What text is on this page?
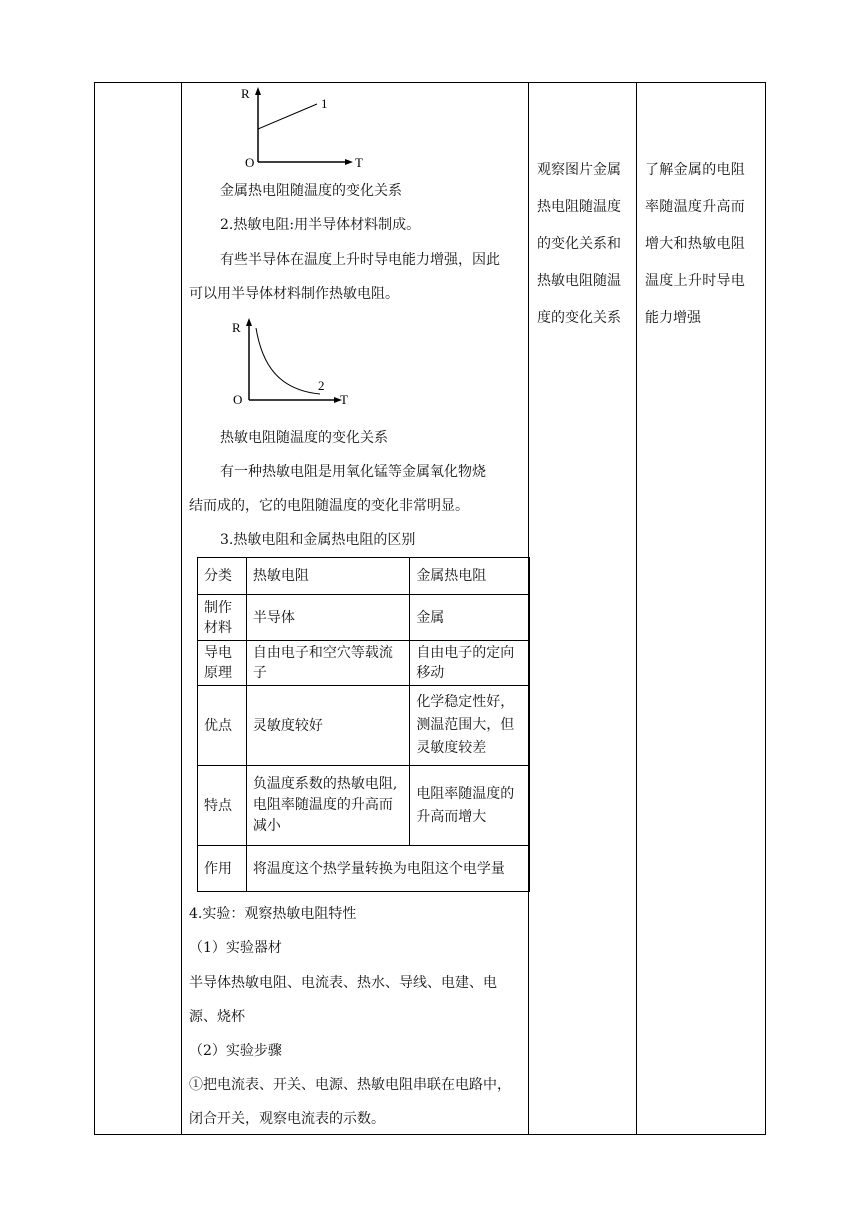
R
O	T
1
金属热电阻随温度的变化关系
2.热敏电阻:用半导体材料制成。
有些半导体在温度上升时导电能力增强，因此
可以用半导体材料制作热敏电阻。
R
O	T
2
热敏电阻随温度的变化关系
有一种热敏电阻是用氧化锰等金属氧化物烧
结而成的，它的电阻随温度的变化非常明显。
3.热敏电阻和金属热电阻的区别
分类	热敏电阻	金属热电阻
制作材料	半导体	金属
导电原理	自由电子和空穴等载流子	自由电子的定向移动
优点	灵敏度较好	化学稳定性好，测温范围大，但灵敏度较差
特点	负温度系数的热敏电阻,电阻率随温度的升高而减小	电阻率随温度的升高而增大
作用	将温度这个热学量转换为电阻这个电学量	
4.实验：观察热敏电阻特性
（1）实验器材
半导体热敏电阻、电流表、热水、导线、电建、电
源、烧杯
（2）实验步骤
①把电流表、开关、电源、热敏电阻串联在电路中，
闭合开关，观察电流表的示数。
观察图片金属
热电阻随温度
的变化关系和
热敏电阻随温
度的变化关系
了解金属的电阻
率随温度升高而
增大和热敏电阻
温度上升时导电
能力增强
